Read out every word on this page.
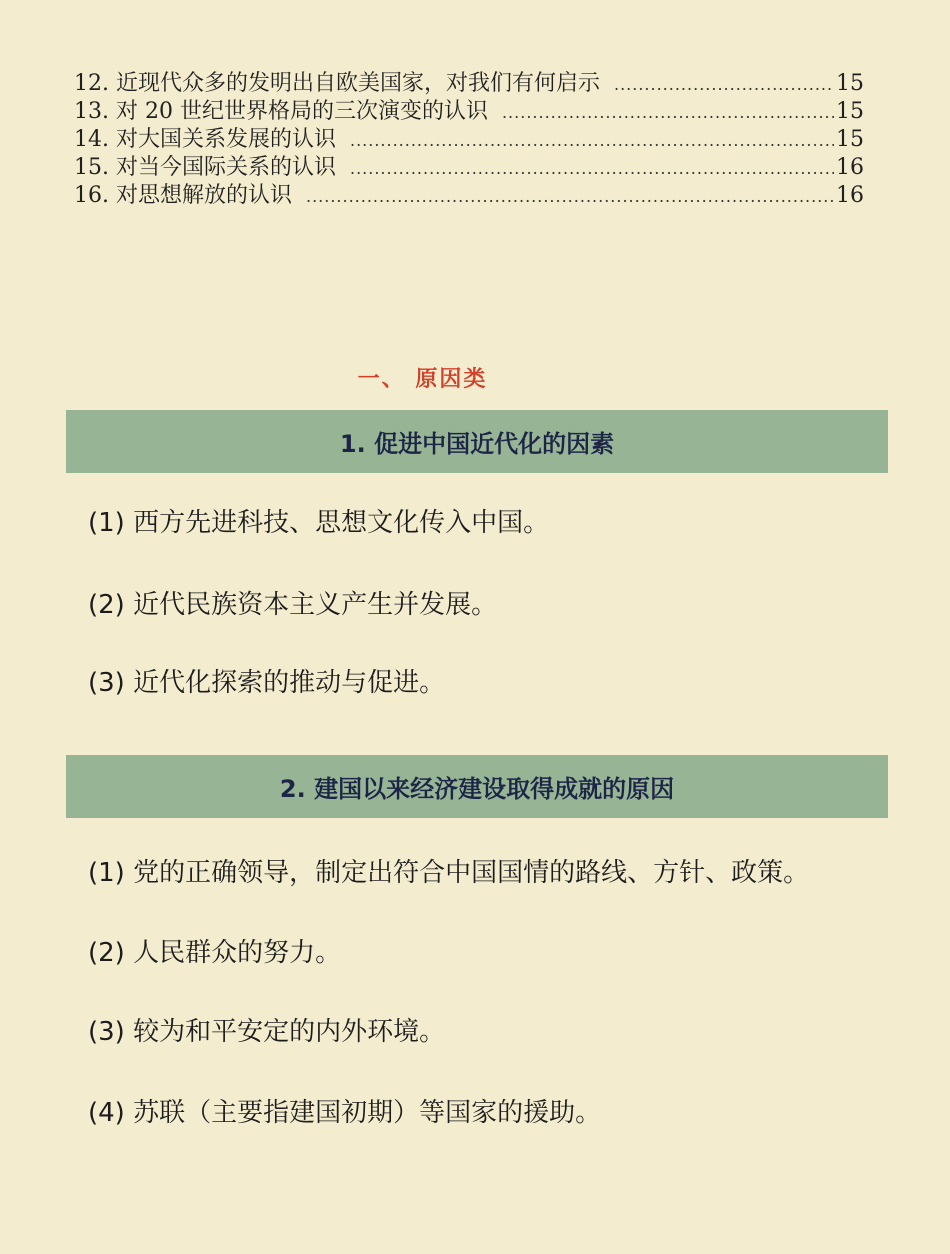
12. 近现代众多的发明出自欧美国家，对我们有何启示 .....	15
13. 对 20 世纪世界格局的三次演变的认识 .....	15
14. 对大国关系发展的认识 .....	15
15. 对当今国际关系的认识 .....	16
16. 对思想解放的认识 .....	16
一、 原因类
1. 促进中国近代化的因素
(1) 西方先进科技、思想文化传入中国。
(2) 近代民族资本主义产生并发展。
(3) 近代化探索的推动与促进。
2. 建国以来经济建设取得成就的原因
(1) 党的正确领导，制定出符合中国国情的路线、方针、政策。
(2) 人民群众的努力。
(3) 较为和平安定的内外环境。
(4) 苏联（主要指建国初期）等国家的援助。
